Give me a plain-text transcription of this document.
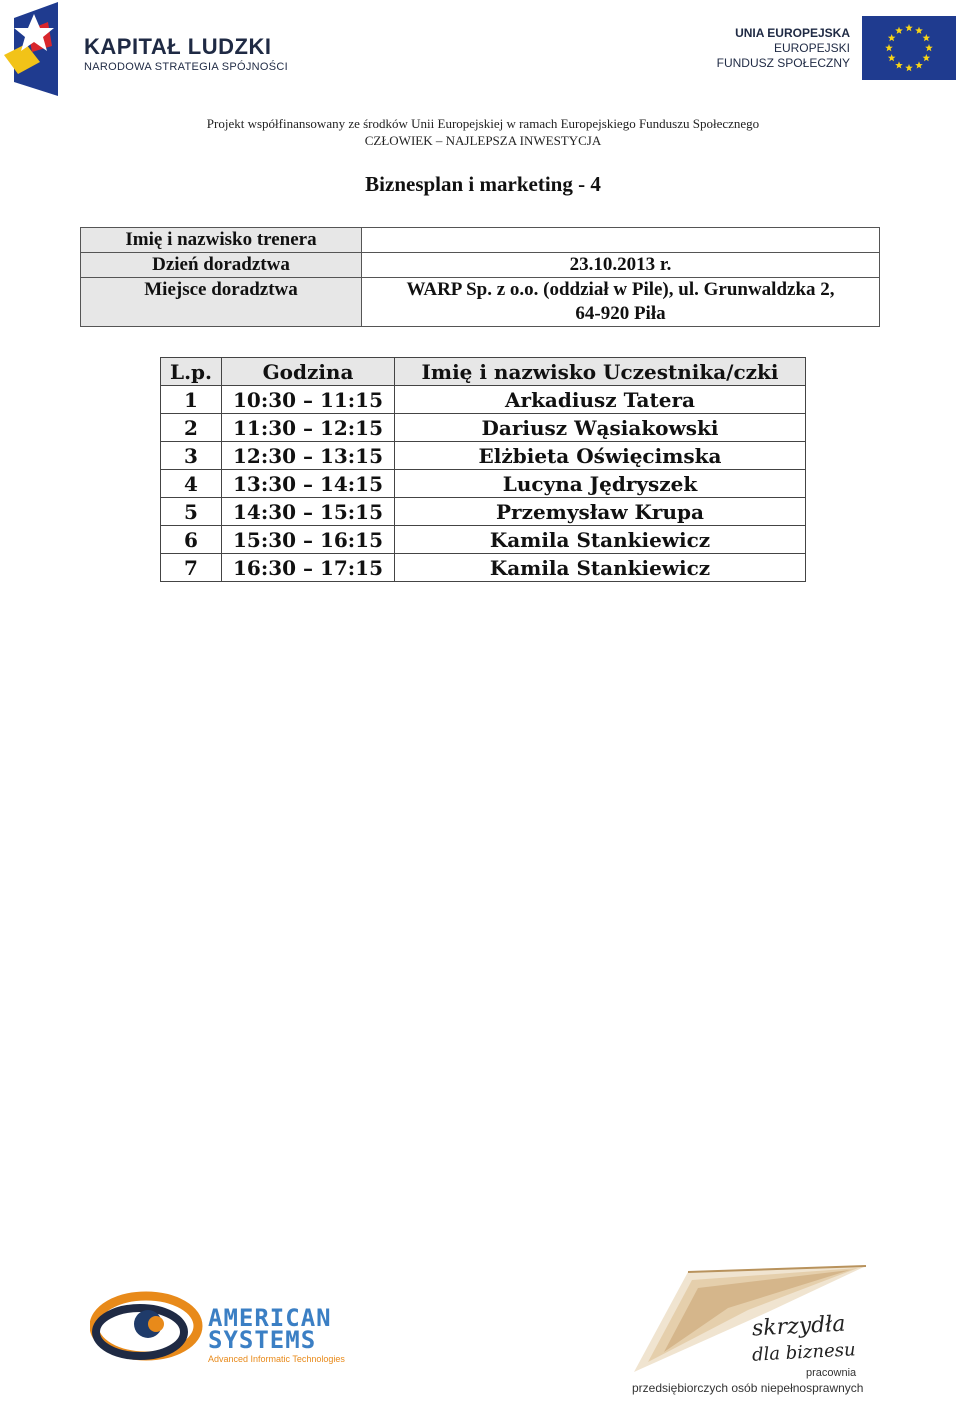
KAPITAŁ LUDZKI
NARODOWA STRATEGIA SPÓJNOŚCI
UNIA EUROPEJSKA
EUROPEJSKI
FUNDUSZ SPOŁECZNY
Projekt współfinansowany ze środków Unii Europejskiej w ramach Europejskiego Funduszu Społecznego
CZŁOWIEK – NAJLEPSZA INWESTYCJA
Biznesplan i marketing - 4
Imię i nazwisko trenera	
Dzień doradztwa	23.10.2013 r.
Miejsce doradztwa	WARP Sp. z o.o. (oddział w Pile), ul. Grunwaldzka 2,
64-920 Piła
L.p.	Godzina	Imię i nazwisko Uczestnika/czki
1	10:30 – 11:15	Arkadiusz Tatera
2	11:30 – 12:15	Dariusz Wąsiakowski
3	12:30 – 13:15	Elżbieta Oświęcimska
4	13:30 – 14:15	Lucyna Jędryszek
5	14:30 – 15:15	Przemysław Krupa
6	15:30 – 16:15	Kamila Stankiewicz
7	16:30 – 17:15	Kamila Stankiewicz
AMERICAN
SYSTEMS
Advanced Informatic Technologies
skrzydła
dla biznesu
pracownia
przedsiębiorczych osób niepełnosprawnych
